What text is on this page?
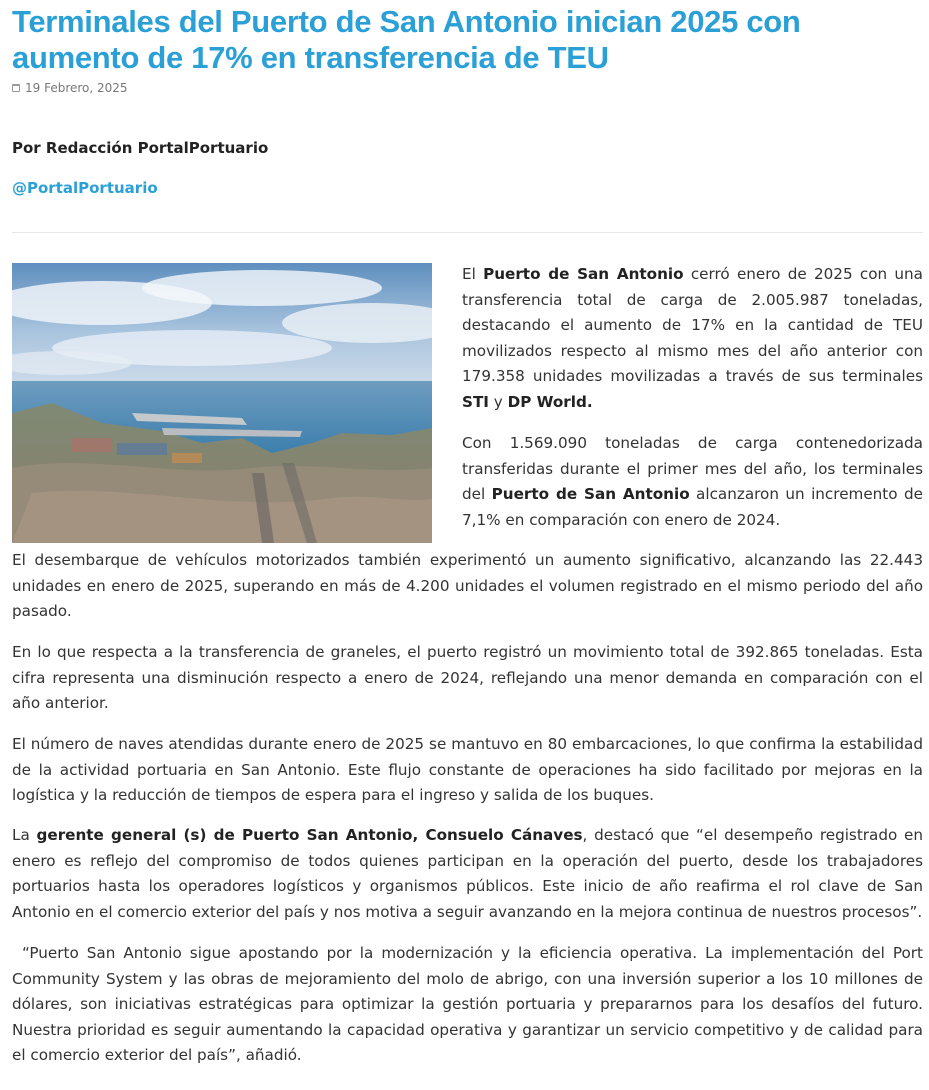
Terminales del Puerto de San Antonio inician 2025 con aumento de 17% en transferencia de TEU
19 Febrero, 2025
Por Redacción PortalPortuario
@PortalPortuario

El Puerto de San Antonio cerró enero de 2025 con una transferencia total de carga de 2.005.987 toneladas, destacando el aumento de 17% en la cantidad de TEU movilizados respecto al mismo mes del año anterior con 179.358 unidades movilizadas a través de sus terminales STI y DP World.

Con 1.569.090 toneladas de carga contenedorizada transferidas durante el primer mes del año, los terminales del Puerto de San Antonio alcanzaron un incremento de 7,1% en comparación con enero de 2024.

El desembarque de vehículos motorizados también experimentó un aumento significativo, alcanzando las 22.443 unidades en enero de 2025, superando en más de 4.200 unidades el volumen registrado en el mismo periodo del año pasado.

En lo que respecta a la transferencia de graneles, el puerto registró un movimiento total de 392.865 toneladas. Esta cifra representa una disminución respecto a enero de 2024, reflejando una menor demanda en comparación con el año anterior.

El número de naves atendidas durante enero de 2025 se mantuvo en 80 embarcaciones, lo que confirma la estabilidad de la actividad portuaria en San Antonio. Este flujo constante de operaciones ha sido facilitado por mejoras en la logística y la reducción de tiempos de espera para el ingreso y salida de los buques.

La gerente general (s) de Puerto San Antonio, Consuelo Cánaves, destacó que “el desempeño registrado en enero es reflejo del compromiso de todos quienes participan en la operación del puerto, desde los trabajadores portuarios hasta los operadores logísticos y organismos públicos. Este inicio de año reafirma el rol clave de San Antonio en el comercio exterior del país y nos motiva a seguir avanzando en la mejora continua de nuestros procesos”.

“Puerto San Antonio sigue apostando por la modernización y la eficiencia operativa. La implementación del Port Community System y las obras de mejoramiento del molo de abrigo, con una inversión superior a los 10 millones de dólares, son iniciativas estratégicas para optimizar la gestión portuaria y prepararnos para los desafíos del futuro. Nuestra prioridad es seguir aumentando la capacidad operativa y garantizar un servicio competitivo y de calidad para el comercio exterior del país”, añadió.
